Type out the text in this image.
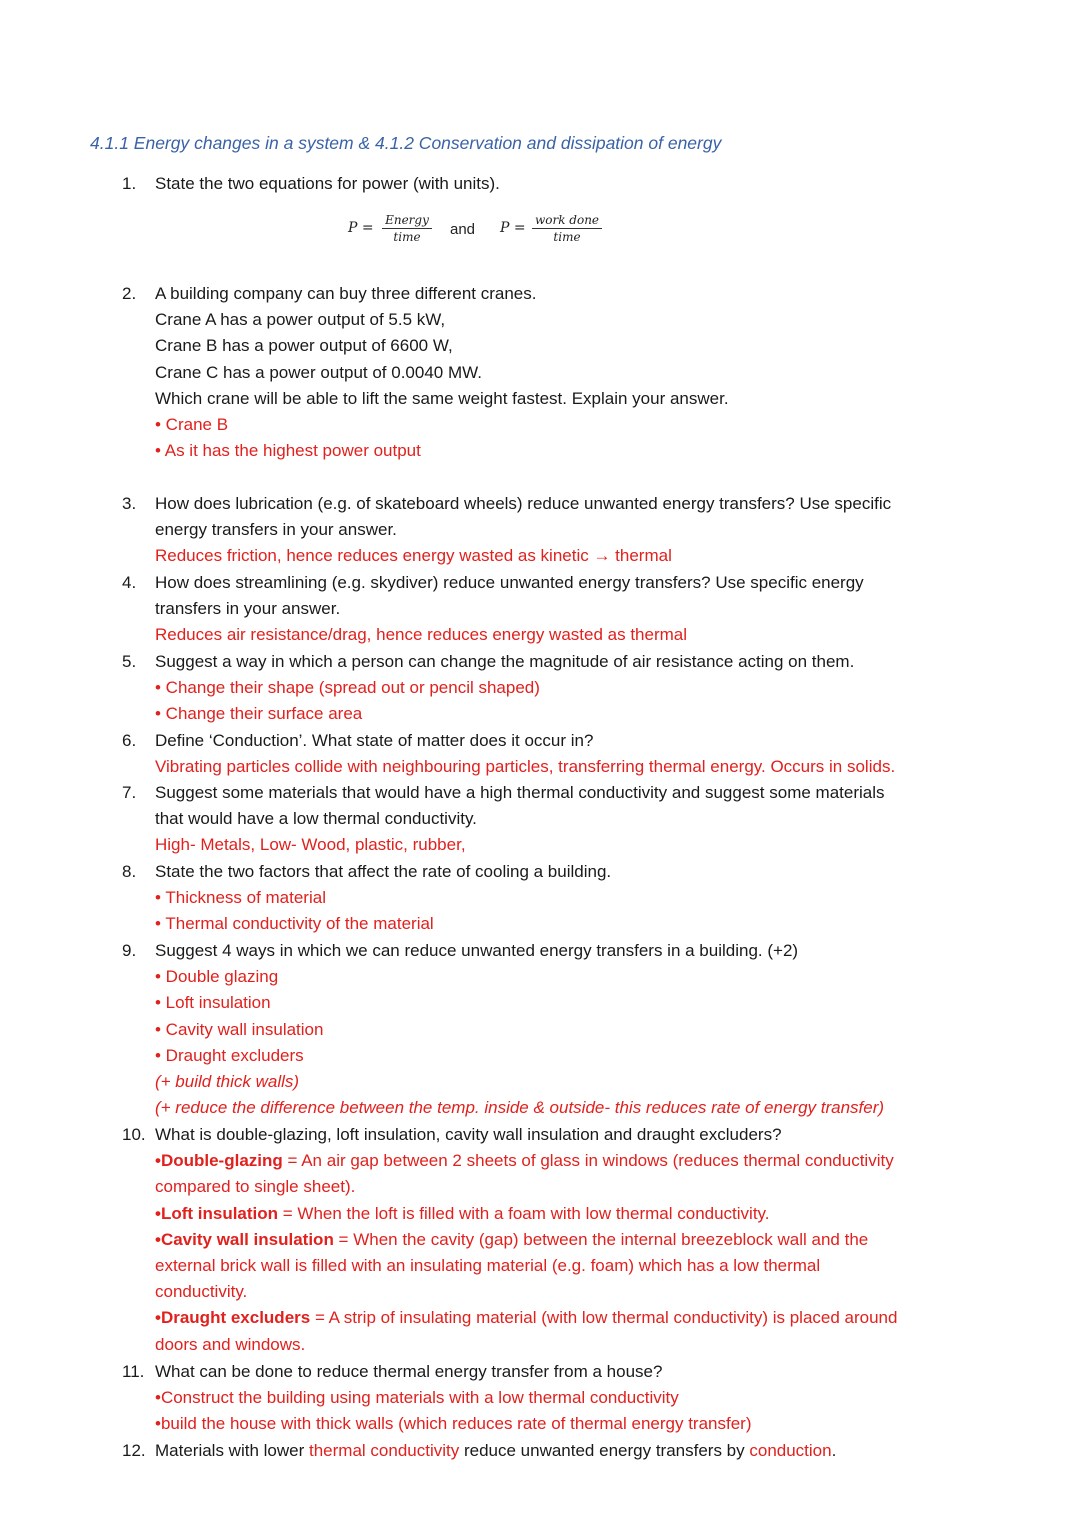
4.1.1 Energy changes in a system & 4.1.2 Conservation and dissipation of energy
1.	State the two equations for power (with units).
P = Energy
time	and P = work done
time
2.	A building company can buy three different cranes.
Crane A has a power output of 5.5 kW,
Crane B has a power output of 6600 W,
Crane C has a power output of 0.0040 MW.
Which crane will be able to lift the same weight fastest. Explain your answer.
• Crane B
• As it has the highest power output
3.	How does lubrication (e.g. of skateboard wheels) reduce unwanted energy transfers? Use specific
energy transfers in your answer.
Reduces friction, hence reduces energy wasted as kinetic → thermal
4.	How does streamlining (e.g. skydiver) reduce unwanted energy transfers? Use specific energy
transfers in your answer.
Reduces air resistance/drag, hence reduces energy wasted as thermal
5.	Suggest a way in which a person can change the magnitude of air resistance acting on them.
• Change their shape (spread out or pencil shaped)
• Change their surface area
6.	Define ‘Conduction’. What state of matter does it occur in?
Vibrating particles collide with neighbouring particles, transferring thermal energy. Occurs in solids.
7.	Suggest some materials that would have a high thermal conductivity and suggest some materials
that would have a low thermal conductivity.
High- Metals, Low- Wood, plastic, rubber,
8.	State the two factors that affect the rate of cooling a building.
• Thickness of material
• Thermal conductivity of the material
9.	Suggest 4 ways in which we can reduce unwanted energy transfers in a building. (+2)
• Double glazing
• Loft insulation
• Cavity wall insulation
• Draught excluders
(+ build thick walls)
(+ reduce the difference between the temp. inside & outside- this reduces rate of energy transfer)
10. What is double-glazing, loft insulation, cavity wall insulation and draught excluders?
•Double-glazing = An air gap between 2 sheets of glass in windows (reduces thermal conductivity
compared to single sheet).
•Loft insulation = When the loft is filled with a foam with low thermal conductivity.
•Cavity wall insulation = When the cavity (gap) between the internal breezeblock wall and the
external brick wall is filled with an insulating material (e.g. foam) which has a low thermal
conductivity.
•Draught excluders = A strip of insulating material (with low thermal conductivity) is placed around
doors and windows.
11. What can be done to reduce thermal energy transfer from a house?
•Construct the building using materials with a low thermal conductivity
•build the house with thick walls (which reduces rate of thermal energy transfer)
12. Materials with lower thermal conductivity reduce unwanted energy transfers by conduction.
